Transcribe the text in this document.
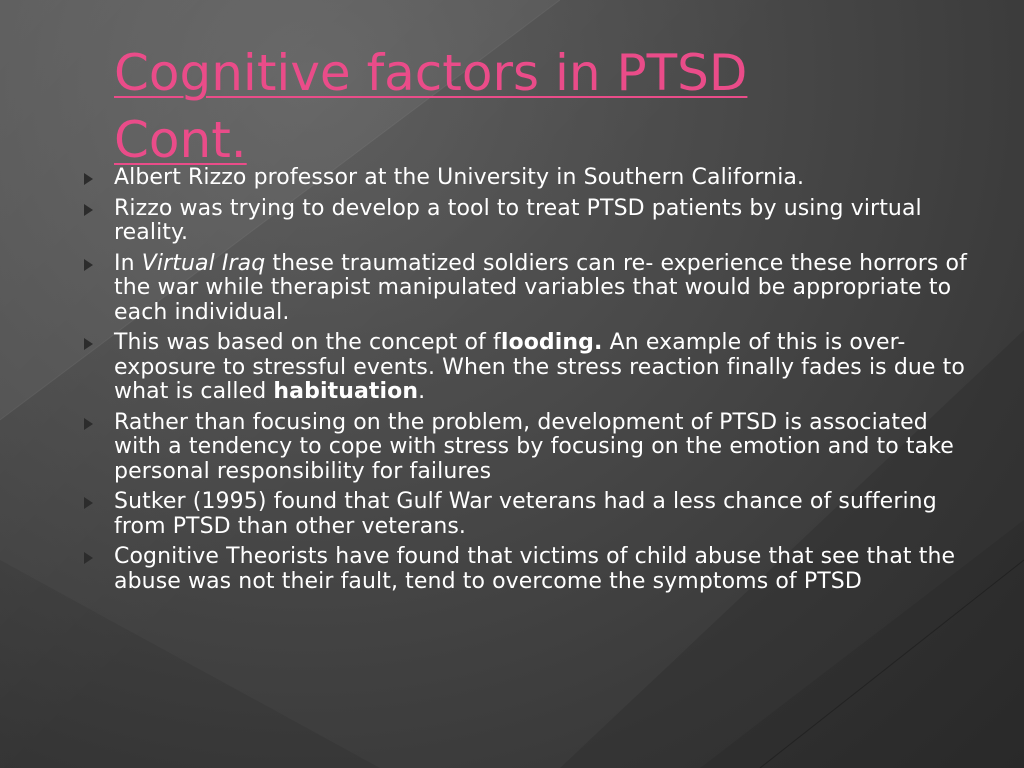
Cognitive factors in PTSD
Cont.
Albert Rizzo professor at the University in Southern California.
Rizzo was trying to develop a tool to treat PTSD patients by using virtual reality.
In Virtual Iraq these traumatized soldiers can re- experience these horrors of the war while therapist manipulated variables that would be appropriate to each individual.
This was based on the concept of flooding. An example of this is over- exposure to stressful events. When the stress reaction finally fades is due to what is called habituation.
Rather than focusing on the problem, development of PTSD is associated with a tendency to cope with stress by focusing on the emotion and to take personal responsibility for failures
Sutker (1995) found that Gulf War veterans had a less chance of suffering from PTSD than other veterans.
Cognitive Theorists have found that victims of child abuse that see that the abuse was not their fault, tend to overcome the symptoms of PTSD
